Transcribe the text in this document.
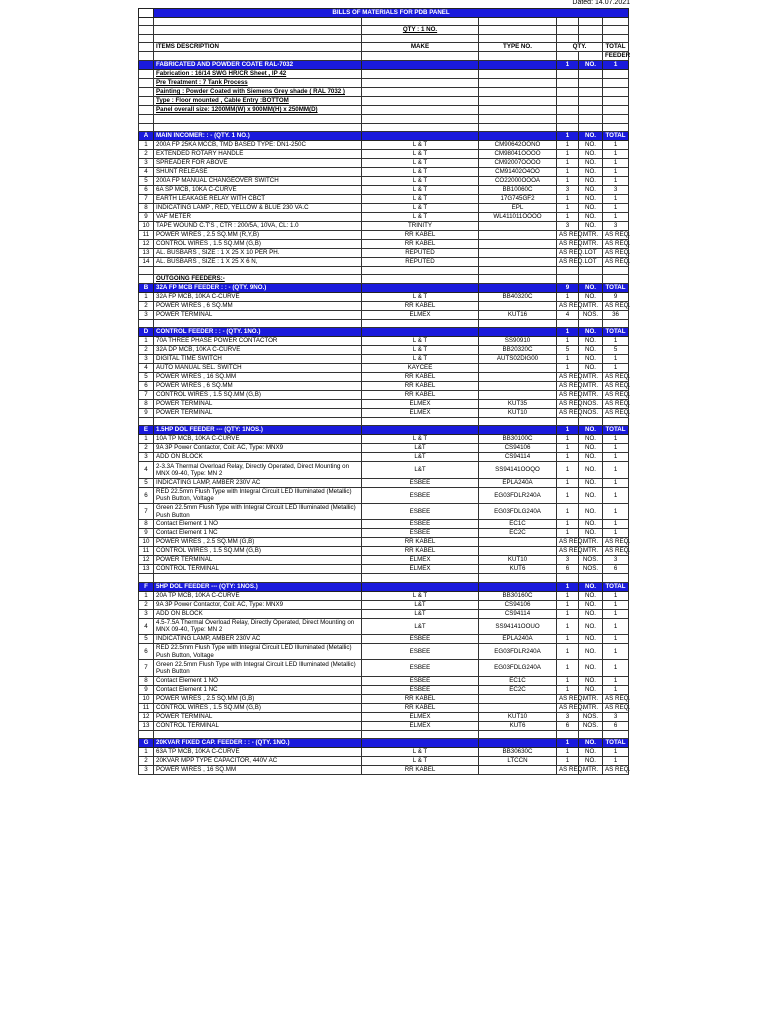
Dated: 14.07.2021
	BILLS OF MATERIALS FOR PDB PANEL					

		QTY : 1 NO.				

	ITEMS DESCRIPTION	MAKE	TYPE NO.	QTY.		TOTAL
						FEEDER
	FABRICATED AND POWDER COATE RAL-7032			1	NO.	1
	Fabrication : 16/14 SWG HR/CR Sheet , IP 42					
	Pre Treatment : 7 Tank Process					
	Painting : Powder Coated with Siemens Grey shade ( RAL 7032 )					
	Type : Floor mounted , Cable Entry :BOTTOM					
	Panel overall size: 1200MM(W) x 900MM(H) x 250MM(D)					

A	MAIN INCOMER: : - (QTY. 1 NO.)			1	NO.	TOTAL
1	200A FP 25KA MCCB, TMD BASED TYPE: DN1-250C	L & T	CM90642OONO	1	NO.	1
2	EXTENDED ROTARY HANDLE	L & T	CM98041OOOO	1	NO.	1
3	SPREADER FOR ABOVE	L & T	CM92007OOOO	1	NO.	1
4	SHUNT RELEASE	L & T	CM91402O4OO	1	NO.	1
5	200A FP MANUAL CHANGEOVER SWITCH	L & T	CO22000OOOA	1	NO.	1
6	6A SP MCB, 10KA C-CURVE	L & T	BB10060C	3	NO.	3
7	EARTH LEAKAGE RELAY WITH CBCT	L & T	17G745GF2	1	NO.	1
8	INDICATING LAMP , RED, YELLOW & BLUE 230 VA.C	L & T	EPL	1	NO.	1
9	VAF METER	L & T	WL411011OOOO	1	NO.	1
10	TAPE WOUND C.T'S , CTR : 200/5A, 10VA, CL: 1.0	TRINITY		3	NO.	3
11	POWER WIRES , 2.5 SQ.MM (R,Y,B)	RR KABEL		AS REQ.	MTR.	AS REQ.
12	CONTROL WIRES , 1.5 SQ.MM (G,B)	RR KABEL		AS REQ.	MTR.	AS REQ.
13	AL. BUSBARS , SIZE : 1 X 25 X 10 PER PH.	REPUTED		AS REQ.	LOT	AS REQ.
14	AL. BUSBARS , SIZE : 1 X 25 X 6 N,	REPUTED		AS REQ.	LOT	AS REQ.

	OUTGOING FEEDERS:-					
B	32A FP MCB FEEDER : : - (QTY. 9NO.)			9	NO.	TOTAL
1	32A FP MCB, 10KA C-CURVE	L & T	BB40320C	1	NO.	9
2	POWER WIRES , 6 SQ.MM	RR KABEL		AS REQ.	MTR.	AS REQ.
3	POWER TERMINAL	ELMEX	KUT16	4	NOS.	36

D	CONTROL FEEDER : : - (QTY. 1NO.)			1	NO.	TOTAL
1	70A THREE PHASE POWER CONTACTOR	L & T	SS90910	1	NO.	1
2	32A DP MCB, 10KA C-CURVE	L & T	BB20320C	5	NO.	5
3	DIGITAL TIME SWITCH	L & T	AUTS02DIG00	1	NO.	1
4	AUTO MANUAL SEL. SWITCH	KAYCEE		1	NO.	1
5	POWER WIRES , 16 SQ.MM	RR KABEL		AS REQ.	MTR.	AS REQ.
6	POWER WIRES , 6 SQ.MM	RR KABEL		AS REQ.	MTR.	AS REQ.
7	CONTROL WIRES , 1.5 SQ.MM (G,B)	RR KABEL		AS REQ.	MTR.	AS REQ.
8	POWER TERMINAL	ELMEX	KUT35	AS REQ.	NOS.	AS REQ.
9	POWER TERMINAL	ELMEX	KUT10	AS REQ.	NOS.	AS REQ.

E	1.5HP DOL FEEDER --- (QTY: 1NOS.)			1	NO.	TOTAL
1	10A TP MCB, 10KA C-CURVE	L & T	BB30100C	1	NO.	1
2	9A 3P Power Contactor, Coil: AC, Type: MNX9	L&T	CS94106	1	NO.	1
3	ADD ON BLOCK	L&T	CS94114	1	NO.	1
4	2-3.3A Thermal Overload Relay, Directly Operated, Direct Mounting on MNX 09-40, Type: MN 2	L&T	SS94141OOQO	1	NO.	1
5	INDICATING LAMP, AMBER 230V AC	ESBEE	EPLA240A	1	NO.	1
6	RED 22.5mm Flush Type with Integral Circuit LED Illuminated (Metallic) Push Button, Voltage	ESBEE	EG03FDLR240A	1	NO.	1
7	Green 22.5mm Flush Type with Integral Circuit LED Illuminated (Metallic) Push Button	ESBEE	EG03FDLG240A	1	NO.	1
8	Contact Element 1 NO	ESBEE	EC1C	1	NO.	1
9	Contact Element 1 NC	ESBEE	EC2C	1	NO.	1
10	POWER WIRES , 2.5 SQ.MM (G,B)	RR KABEL		AS REQ.	MTR.	AS REQ.
11	CONTROL WIRES , 1.5 SQ.MM (G,B)	RR KABEL		AS REQ.	MTR.	AS REQ.
12	POWER TERMINAL	ELMEX	KUT10	3	NOS.	3
13	CONTROL TERMINAL	ELMEX	KUT6	6	NOS.	6

F	5HP DOL FEEDER --- (QTY: 1NOS.)			1	NO.	TOTAL
1	20A TP MCB, 10KA C-CURVE	L & T	BB30160C	1	NO.	1
2	9A 3P Power Contactor, Coil: AC, Type: MNX9	L&T	CS94106	1	NO.	1
3	ADD ON BLOCK	L&T	CS94114	1	NO.	1
4	4.5-7.5A Thermal Overload Relay, Directly Operated, Direct Mounting on MNX 09-40, Type: MN 2	L&T	SS94141OOUO	1	NO.	1
5	INDICATING LAMP, AMBER 230V AC	ESBEE	EPLA240A	1	NO.	1
6	RED 22.5mm Flush Type with Integral Circuit LED Illuminated (Metallic) Push Button, Voltage	ESBEE	EG03FDLR240A	1	NO.	1
7	Green 22.5mm Flush Type with Integral Circuit LED Illuminated (Metallic) Push Button	ESBEE	EG03FDLG240A	1	NO.	1
8	Contact Element 1 NO	ESBEE	EC1C	1	NO.	1
9	Contact Element 1 NC	ESBEE	EC2C	1	NO.	1
10	POWER WIRES , 2.5 SQ.MM (G,B)	RR KABEL		AS REQ.	MTR.	AS REQ.
11	CONTROL WIRES , 1.5 SQ.MM (G,B)	RR KABEL		AS REQ.	MTR.	AS REQ.
12	POWER TERMINAL	ELMEX	KUT10	3	NOS.	3
13	CONTROL TERMINAL	ELMEX	KUT6	6	NOS.	6

G	20KVAR FIXED CAP. FEEDER : : - (QTY. 1NO.)			1	NO.	TOTAL
1	63A TP MCB, 10KA C-CURVE	L & T	BB30630C	1	NO.	1
2	20KVAR MPP TYPE CAPACITOR, 440V AC	L & T	LTCCN	1	NO.	1
3	POWER WIRES , 16 SQ.MM	RR KABEL		AS REQ.	MTR.	AS REQ.
